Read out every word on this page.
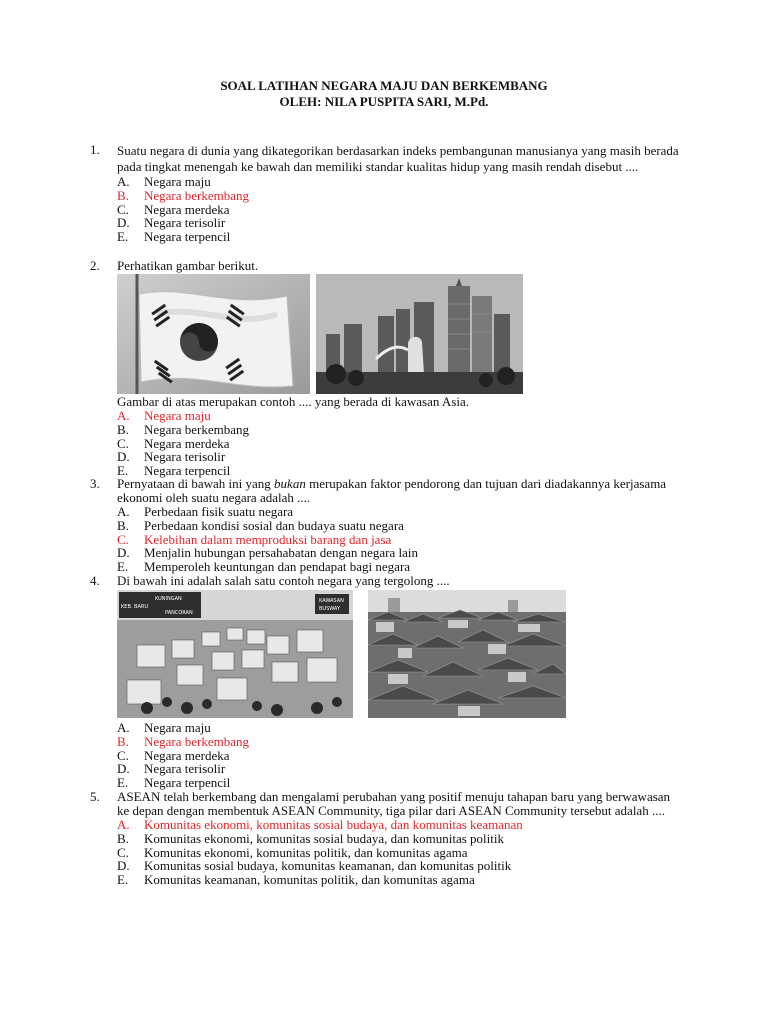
SOAL LATIHAN NEGARA MAJU DAN BERKEMBANG
OLEH: NILA PUSPITA SARI, M.Pd.
1. Suatu negara di dunia yang dikategorikan berdasarkan indeks pembangunan manusianya yang masih berada pada tingkat menengah ke bawah dan memiliki standar kualitas hidup yang masih rendah disebut ....
A. Negara maju
B. Negara berkembang
C. Negara merdeka
D. Negara terisolir
E. Negara terpencil
2. Perhatikan gambar berikut.
Gambar di atas merupakan contoh .... yang berada di kawasan Asia.
A. Negara maju
B. Negara berkembang
C. Negara merdeka
D. Negara terisolir
E. Negara terpencil
3. Pernyataan di bawah ini yang bukan merupakan faktor pendorong dan tujuan dari diadakannya kerjasama ekonomi oleh suatu negara adalah ....
A. Perbedaan fisik suatu negara
B. Perbedaan kondisi sosial dan budaya suatu negara
C. Kelebihan dalam memproduksi barang dan jasa
D. Menjalin hubungan persahabatan dengan negara lain
E. Memperoleh keuntungan dan pendapat bagi negara
4. Di bawah ini adalah salah satu contoh negara yang tergolong ....
KUNINGAN
KEB. BARU
PANCORAN
KAWASAN
BUSWAY
A. Negara maju
B. Negara berkembang
C. Negara merdeka
D. Negara terisolir
E. Negara terpencil
5. ASEAN telah berkembang dan mengalami perubahan yang positif menuju tahapan baru yang berwawasan ke depan dengan membentuk ASEAN Community, tiga pilar dari ASEAN Community tersebut adalah ....
A. Komunitas ekonomi, komunitas sosial budaya, dan komunitas keamanan
B. Komunitas ekonomi, komunitas sosial budaya, dan komunitas politik
C. Komunitas ekonomi, komunitas politik, dan komunitas agama
D. Komunitas sosial budaya, komunitas keamanan, dan komunitas politik
E. Komunitas keamanan, komunitas politik, dan komunitas agama
